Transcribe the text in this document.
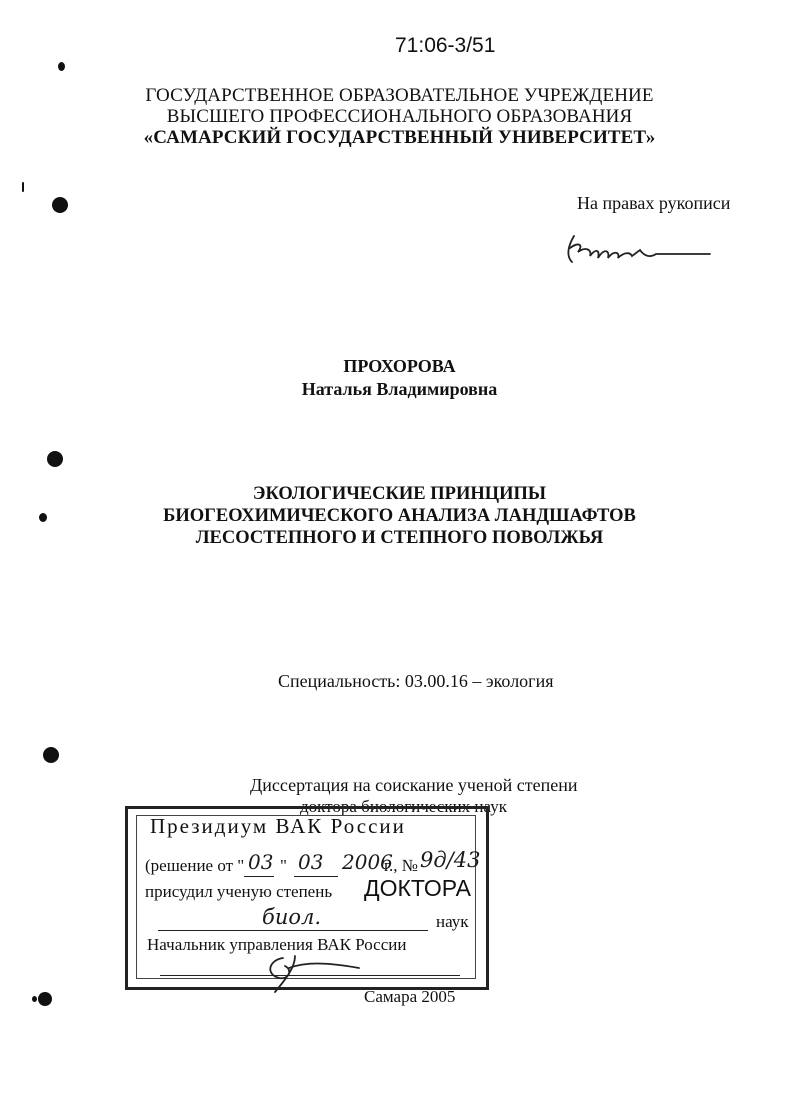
71:06-3/51
ГОСУДАРСТВЕННОЕ ОБРАЗОВАТЕЛЬНОЕ УЧРЕЖДЕНИЕ
ВЫСШЕГО ПРОФЕССИОНАЛЬНОГО ОБРАЗОВАНИЯ
«САМАРСКИЙ ГОСУДАРСТВЕННЫЙ УНИВЕРСИТЕТ»
На правах рукописи
ПРОХОРОВА
Наталья Владимировна
ЭКОЛОГИЧЕСКИЕ ПРИНЦИПЫ
БИОГЕОХИМИЧЕСКОГО АНАЛИЗА ЛАНДШАФТОВ
ЛЕСОСТЕПНОГО И СТЕПНОГО ПОВОЛЖЬЯ
Специальность: 03.00.16 – экология
Диссертация на соискание ученой степени
доктора биологических наук
Президиум ВАК России
(решение от " 03 " 03 2006
г., № 9д/43
присудил ученую степень ДОКТОРА
биол.	наук
Начальник управления ВАК России
Самара 2005
